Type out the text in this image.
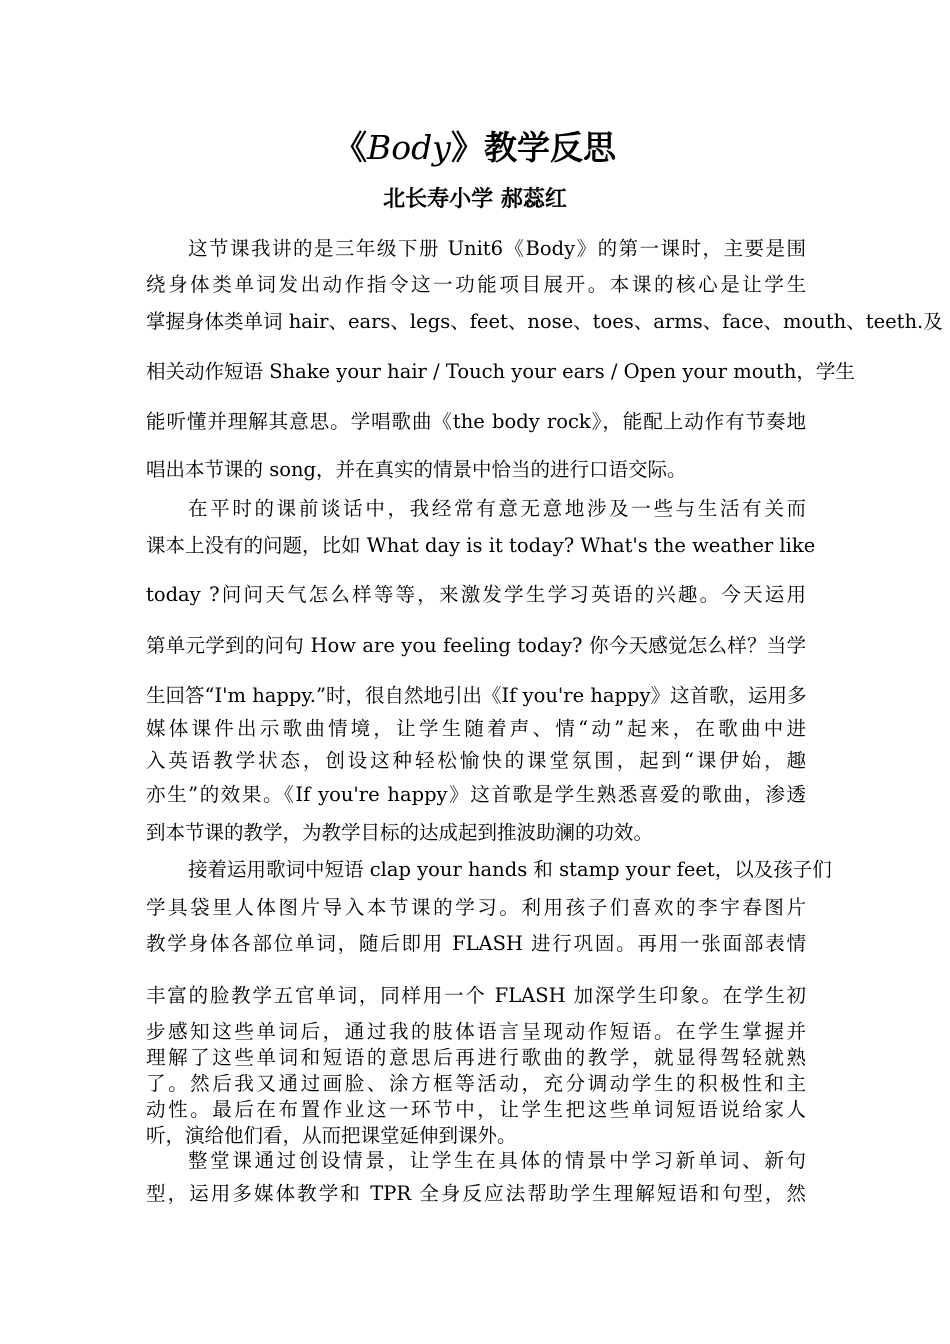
《Body》教学反思
北长寿小学 郝蕊红
这节课我讲的是三年级下册 Unit6《Body》的第一课时，主要是围
绕身体类单词发出动作指令这一功能项目展开。本课的核心是让学生
掌握身体类单词 hair、ears、legs、feet、nose、toes、arms、face、mouth、teeth.及
相关动作短语 Shake your hair / Touch your ears / Open your mouth，学生
能听懂并理解其意思。学唱歌曲《the body rock》，能配上动作有节奏地
唱出本节课的 song，并在真实的情景中恰当的进行口语交际。
在平时的课前谈话中，我经常有意无意地涉及一些与生活有关而
课本上没有的问题，比如 What day is it today? What's the weather like
today ?问问天气怎么样等等，来激发学生学习英语的兴趣。今天运用
第单元学到的问句 How are you feeling today? 你今天感觉怎么样？当学
生回答“I'm happy.”时，很自然地引出《If you're happy》这首歌，运用多
媒体课件出示歌曲情境，让学生随着声、情“动”起来，在歌曲中进
入英语教学状态，创设这种轻松愉快的课堂氛围，起到“课伊始，趣
亦生”的效果。《If you're happy》这首歌是学生熟悉喜爱的歌曲，渗透
到本节课的教学，为教学目标的达成起到推波助澜的功效。
接着运用歌词中短语 clap your hands 和 stamp your feet，以及孩子们
学具袋里人体图片导入本节课的学习。利用孩子们喜欢的李宇春图片
教学身体各部位单词，随后即用 FLASH 进行巩固。再用一张面部表情
丰富的脸教学五官单词，同样用一个 FLASH 加深学生印象。在学生初
步感知这些单词后，通过我的肢体语言呈现动作短语。在学生掌握并
理解了这些单词和短语的意思后再进行歌曲的教学，就显得驾轻就熟
了。然后我又通过画脸、涂方框等活动，充分调动学生的积极性和主
动性。最后在布置作业这一环节中，让学生把这些单词短语说给家人
听，演给他们看，从而把课堂延伸到课外。
整堂课通过创设情景，让学生在具体的情景中学习新单词、新句
型，运用多媒体教学和 TPR 全身反应法帮助学生理解短语和句型，然
